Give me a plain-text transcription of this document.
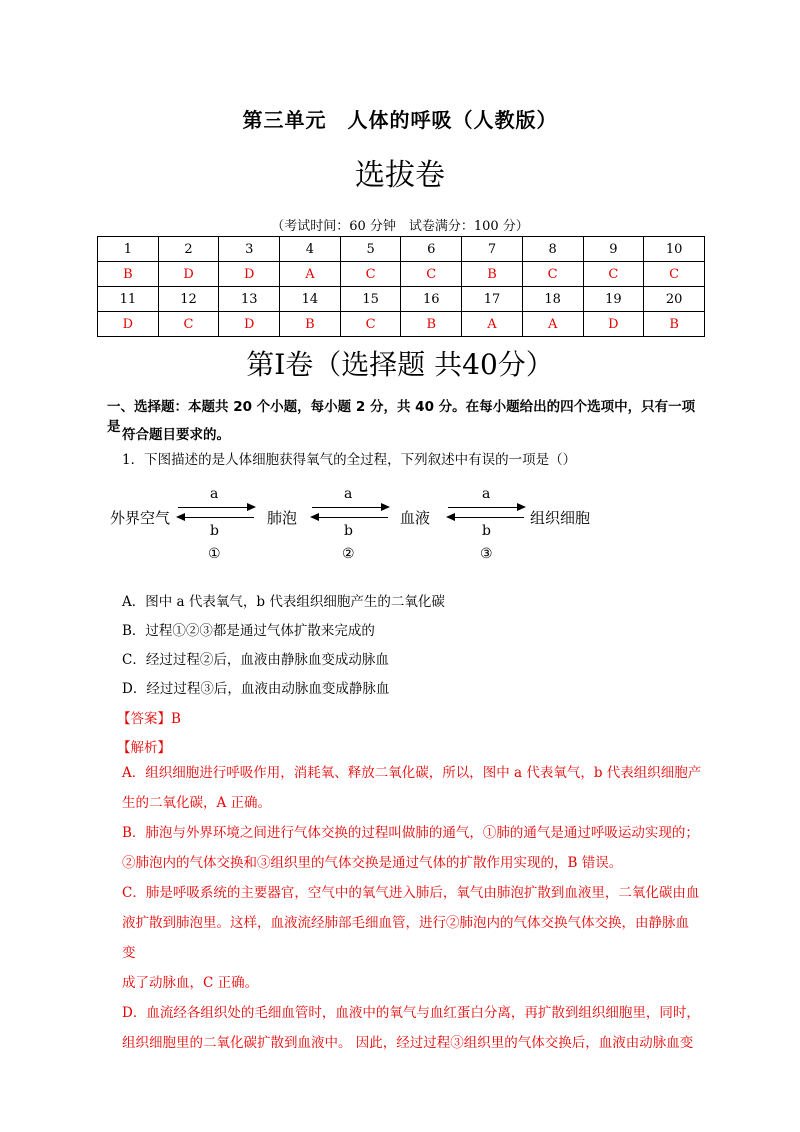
第三单元　人体的呼吸（人教版）
选拔卷
（考试时间：60 分钟　试卷满分：100 分）
1	2	3	4	5	6	7	8	9	10
B	D	D	A	C	C	B	C	C	C
11	12	13	14	15	16	17	18	19	20
D	C	D	B	C	B	A	A	D	B
第Ⅰ卷（选择题 共40分）
一、选择题：本题共 20 个小题，每小题 2 分，共 40 分。在每小题给出的四个选项中，只有一项是 符合题目要求的。
1．下图描述的是人体细胞获得氧气的全过程，下列叙述中有误的一项是（）
外界空气	肺泡	血液	组织细胞
a
b
①
a
b
②
a
b
③
A．图中 a 代表氧气，b 代表组织细胞产生的二氧化碳
B．过程①②③都是通过气体扩散来完成的
C．经过过程②后，血液由静脉血变成动脉血
D．经过过程③后，血液由动脉血变成静脉血
【答案】B
【解析】
A．组织细胞进行呼吸作用，消耗氧、释放二氧化碳，所以，图中 a 代表氧气，b 代表组织细胞产
生的二氧化碳，A 正确。
B．肺泡与外界环境之间进行气体交换的过程叫做肺的通气，①肺的通气是通过呼吸运动实现的；
②肺泡内的气体交换和③组织里的气体交换是通过气体的扩散作用实现的，B 错误。
C．肺是呼吸系统的主要器官，空气中的氧气进入肺后，氧气由肺泡扩散到血液里，二氧化碳由血
液扩散到肺泡里。这样，血液流经肺部毛细血管，进行②肺泡内的气体交换气体交换，由静脉血变
成了动脉血，C 正确。
D．血流经各组织处的毛细血管时，血液中的氧气与血红蛋白分离，再扩散到组织细胞里，同时，
组织细胞里的二氧化碳扩散到血液中。 因此，经过过程③组织里的气体交换后，血液由动脉血变
